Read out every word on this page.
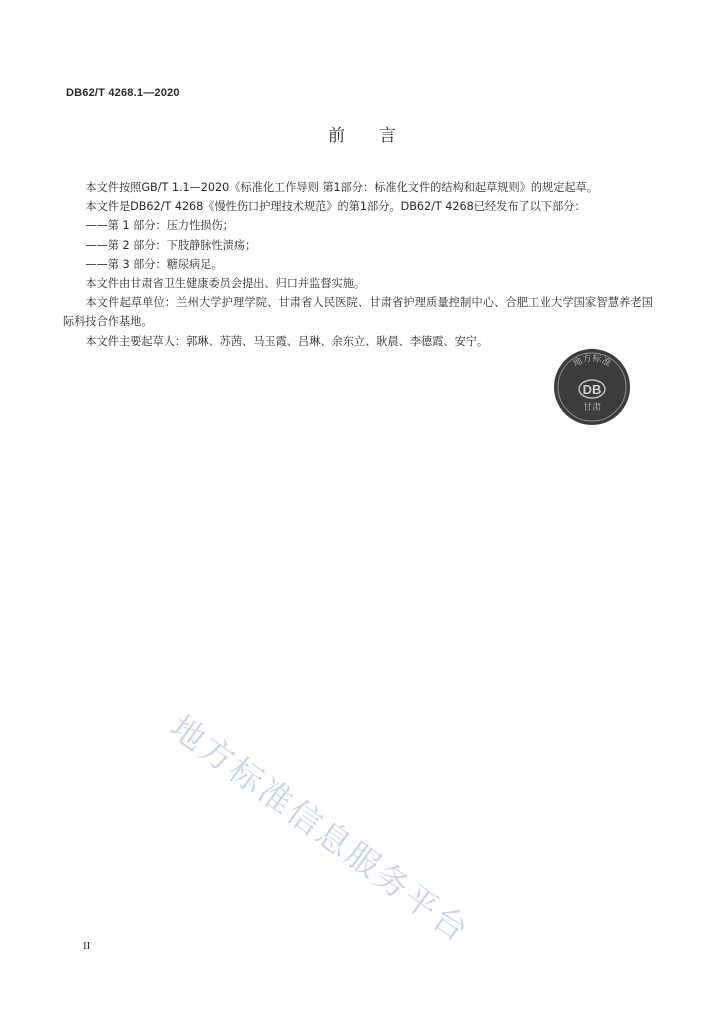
DB62/T 4268.1—2020
前言

本文件按照GB/T 1.1—2020《标准化工作导则 第1部分：标准化文件的结构和起草规则》的规定起草。

本文件是DB62/T 4268《慢性伤口护理技术规范》的第1部分。DB62/T 4268已经发布了以下部分：

——第 1 部分：压力性损伤；

——第 2 部分：下肢静脉性溃疡；

——第 3 部分：糖尿病足。

本文件由甘肃省卫生健康委员会提出、归口并监督实施。

本文件起草单位：兰州大学护理学院、甘肃省人民医院、甘肃省护理质量控制中心、合肥工业大学国家智慧养老国际科技合作基地。

本文件主要起草人：郭琳、苏茜、马玉霞、吕琳、余东立、耿晨、李德霞、安宁。

地方标准
DB
甘肃
地方标准信息服务平台
II
